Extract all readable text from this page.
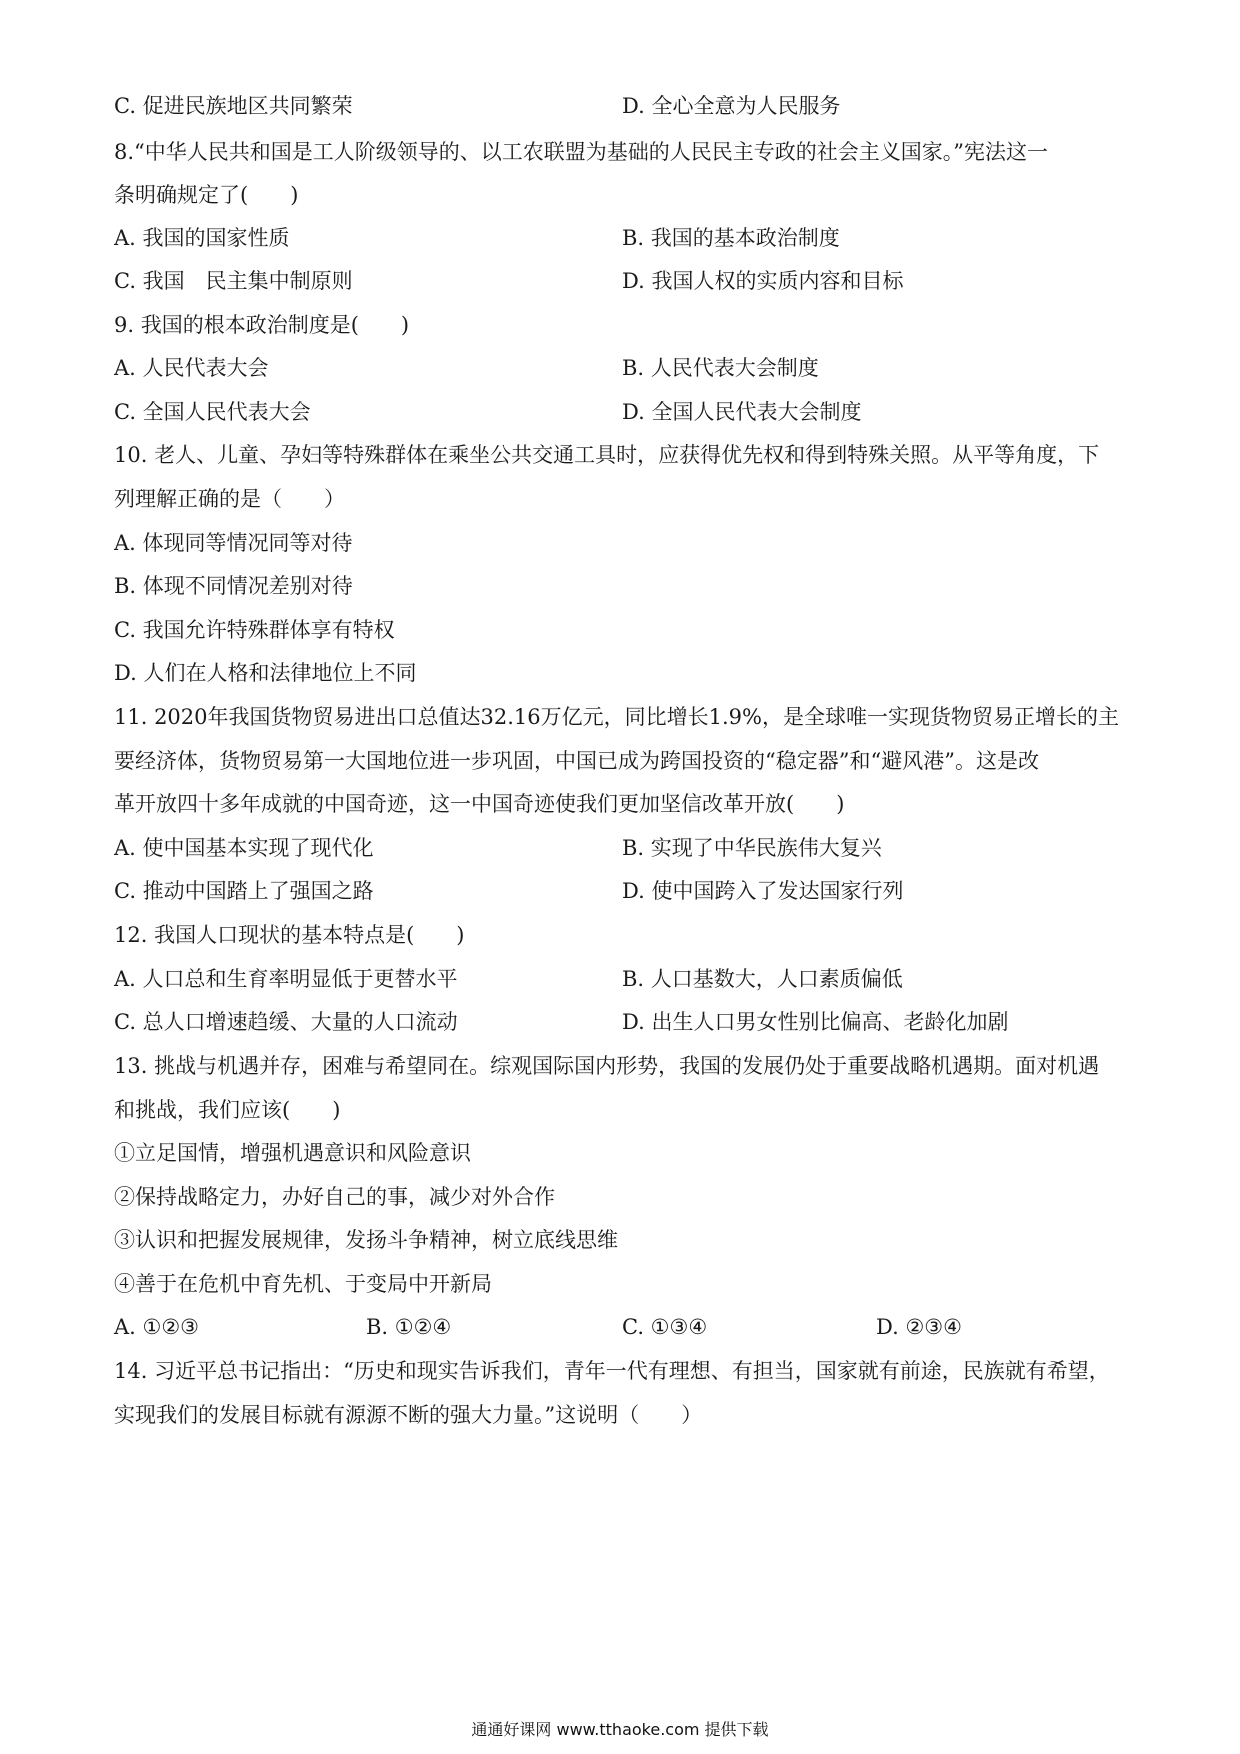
C. 促进民族地区共同繁荣	D. 全心全意为人民服务
8.“中华人民共和国是工人阶级领导的、以工农联盟为基础的人民民主专政的社会主义国家。”宪法这一
条明确规定了(　　)
A. 我国的国家性质	B. 我国的基本政治制度
C. 我国　民主集中制原则	D. 我国人权的实质内容和目标
9. 我国的根本政治制度是(　　)
A. 人民代表大会	B. 人民代表大会制度
C. 全国人民代表大会	D. 全国人民代表大会制度
10. 老人、儿童、孕妇等特殊群体在乘坐公共交通工具时，应获得优先权和得到特殊关照。从平等角度，下
列理解正确的是（　　）
A. 体现同等情况同等对待
B. 体现不同情况差别对待
C. 我国允许特殊群体享有特权
D. 人们在人格和法律地位上不同
11. 2020年我国货物贸易进出口总值达32.16万亿元，同比增长1.9%，是全球唯一实现货物贸易正增长的主
要经济体，货物贸易第一大国地位进一步巩固，中国已成为跨国投资的“稳定器”和“避风港”。这是改
革开放四十多年成就的中国奇迹，这一中国奇迹使我们更加坚信改革开放(　　)
A. 使中国基本实现了现代化	B. 实现了中华民族伟大复兴
C. 推动中国踏上了强国之路	D. 使中国跨入了发达国家行列
12. 我国人口现状的基本特点是(　　)
A. 人口总和生育率明显低于更替水平	B. 人口基数大，人口素质偏低
C. 总人口增速趋缓、大量的人口流动	D. 出生人口男女性别比偏高、老龄化加剧
13. 挑战与机遇并存，困难与希望同在。综观国际国内形势，我国的发展仍处于重要战略机遇期。面对机遇
和挑战，我们应该(　　)
①立足国情，增强机遇意识和风险意识
②保持战略定力，办好自己的事，减少对外合作
③认识和把握发展规律，发扬斗争精神，树立底线思维
④善于在危机中育先机、于变局中开新局
A. ①②③	B. ①②④	C. ①③④	D. ②③④
14. 习近平总书记指出：“历史和现实告诉我们，青年一代有理想、有担当，国家就有前途，民族就有希望，
实现我们的发展目标就有源源不断的强大力量。”这说明（　　）
通通好课网 www.tthaoke.com 提供下载
